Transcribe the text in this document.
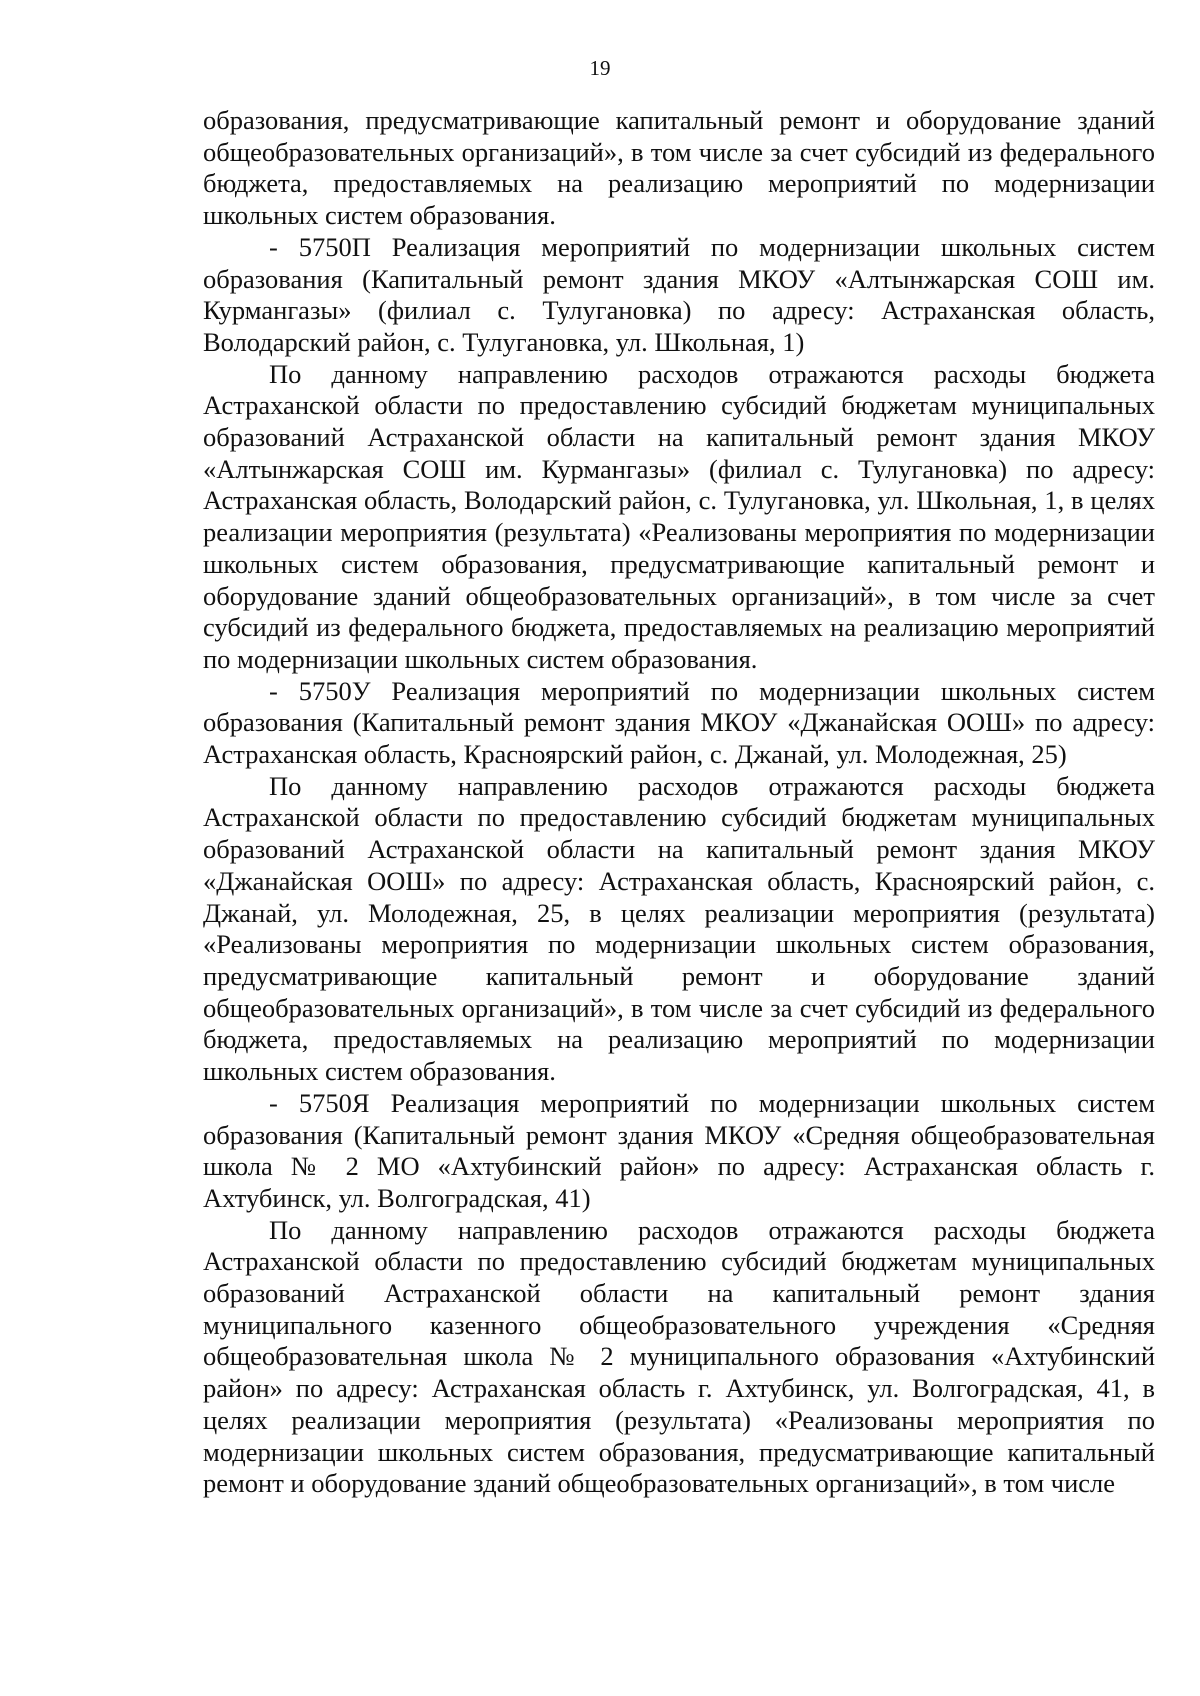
19

образования, предусматривающие капитальный ремонт и оборудование зданий общеобразовательных организаций», в том числе за счет субсидий из федерального бюджета, предоставляемых на реализацию мероприятий по модернизации школьных систем образования.

- 5750П Реализация мероприятий по модернизации школьных систем образования (Капитальный ремонт здания МКОУ «Алтынжарская СОШ им. Курмангазы» (филиал с. Тулугановка) по адресу: Астраханская область, Володарский район, с. Тулугановка, ул. Школьная, 1)

По данному направлению расходов отражаются расходы бюджета Астраханской области по предоставлению субсидий бюджетам муниципальных образований Астраханской области на капитальный ремонт здания МКОУ «Алтынжарская СОШ им. Курмангазы» (филиал с. Тулугановка) по адресу: Астраханская область, Володарский район, с. Тулугановка, ул. Школьная, 1, в целях реализации мероприятия (результата) «Реализованы мероприятия по модернизации школьных систем образования, предусматривающие капитальный ремонт и оборудование зданий общеобразовательных организаций», в том числе за счет субсидий из федерального бюджета, предоставляемых на реализацию мероприятий по модернизации школьных систем образования.

- 5750У Реализация мероприятий по модернизации школьных систем образования (Капитальный ремонт здания МКОУ «Джанайская ООШ» по адресу: Астраханская область, Красноярский район, с. Джанай, ул. Молодежная, 25)

По данному направлению расходов отражаются расходы бюджета Астраханской области по предоставлению субсидий бюджетам муниципальных образований Астраханской области на капитальный ремонт здания МКОУ «Джанайская ООШ» по адресу: Астраханская область, Красноярский район, с. Джанай, ул. Молодежная, 25, в целях реализации мероприятия (результата) «Реализованы мероприятия по модернизации школьных систем образования, предусматривающие капитальный ремонт и оборудование зданий общеобразовательных организаций», в том числе за счет субсидий из федерального бюджета, предоставляемых на реализацию мероприятий по модернизации школьных систем образования.

- 5750Я Реализация мероприятий по модернизации школьных систем образования (Капитальный ремонт здания МКОУ «Средняя общеобразовательная школа № 2 МО «Ахтубинский район» по адресу: Астраханская область г. Ахтубинск, ул. Волгоградская, 41)

По данному направлению расходов отражаются расходы бюджета Астраханской области по предоставлению субсидий бюджетам муниципальных образований Астраханской области на капитальный ремонт здания муниципального казенного общеобразовательного учреждения «Средняя общеобразовательная школа № 2 муниципального образования «Ахтубинский район» по адресу: Астраханская область г. Ахтубинск, ул. Волгоградская, 41, в целях реализации мероприятия (результата) «Реализованы мероприятия по модернизации школьных систем образования, предусматривающие капитальный ремонт и оборудование зданий общеобразовательных организаций», в том числе
